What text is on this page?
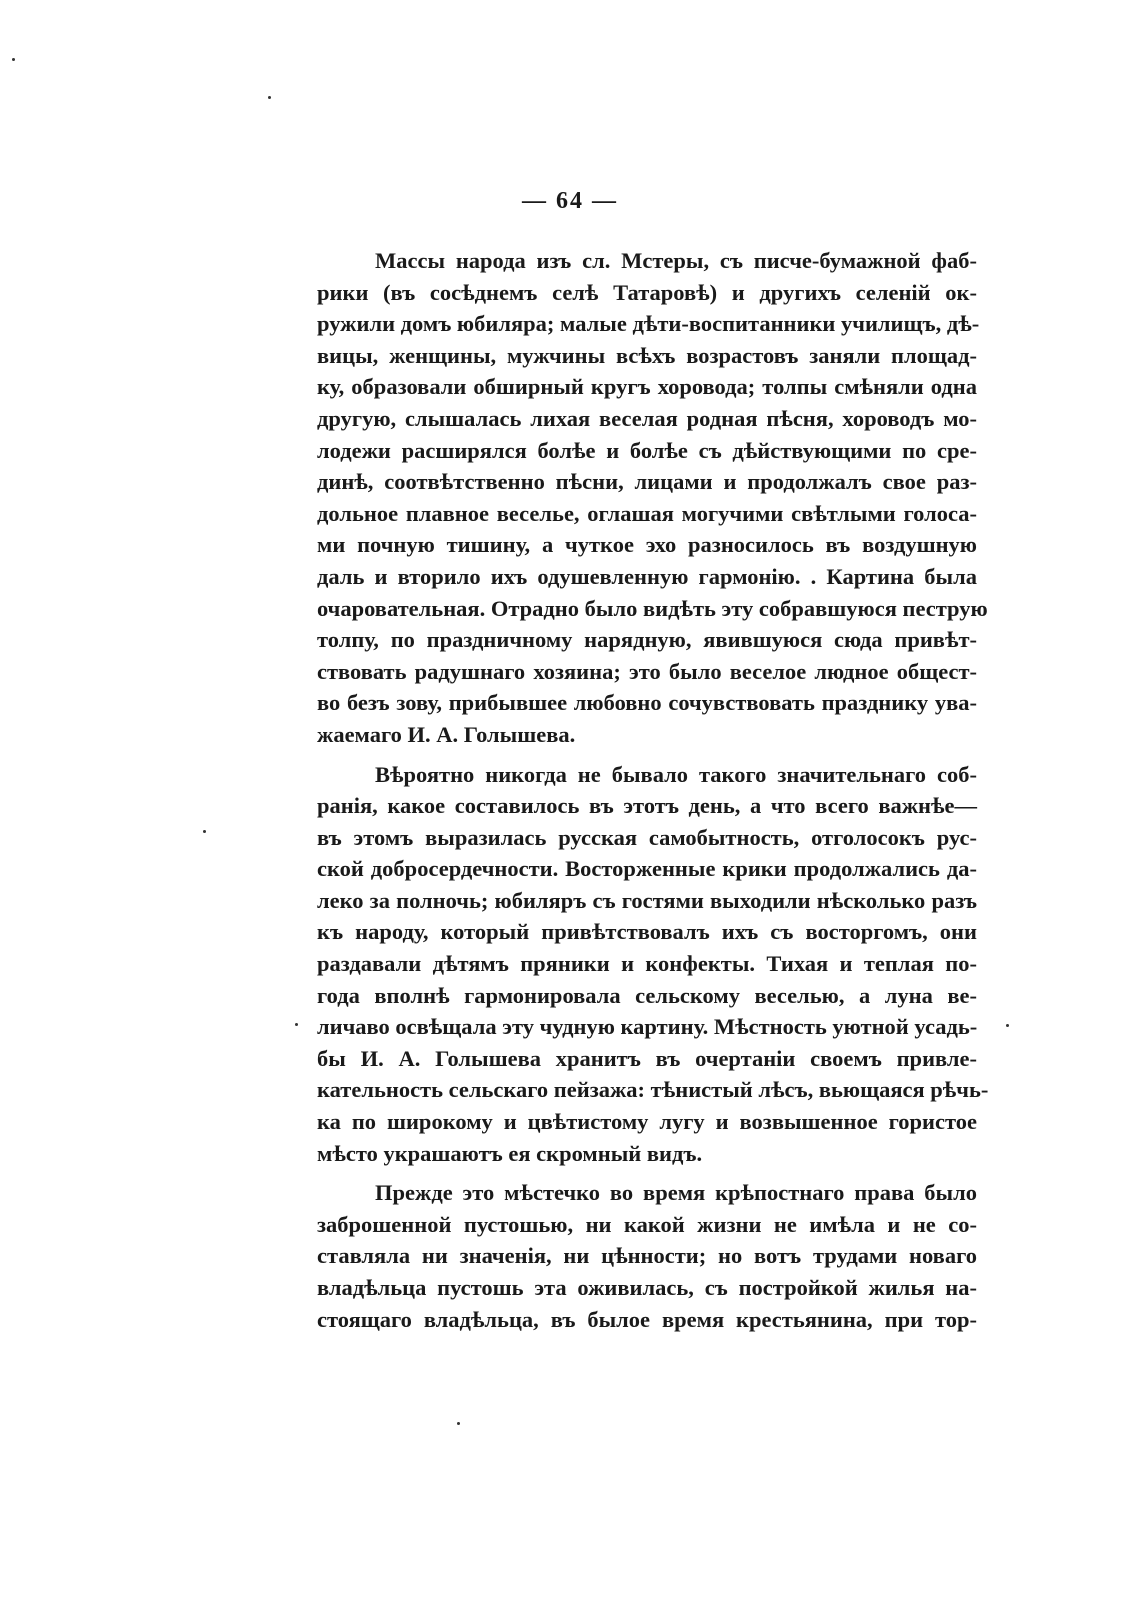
— 64 —
Массы народа изъ сл. Мстеры, съ писче-бумажной фаб-
рики (въ сосѣднемъ селѣ Татаровѣ) и другихъ селеній ок-
ружили домъ юбиляра; малые дѣти-воспитанники училищъ, дѣ-
вицы, женщины, мужчины всѣхъ возрастовъ заняли площад-
ку, образовали обширный кругъ хоровода; толпы смѣняли одна
другую, слышалась лихая веселая родная пѣсня, хороводъ мо-
лодежи расширялся болѣе и болѣе съ дѣйствующими по сре-
динѣ, соотвѣтственно пѣсни, лицами и продолжалъ свое раз-
дольное плавное веселье, оглашая могучими свѣтлыми голоса-
ми почную тишину, а чуткое эхо разносилось въ воздушную
даль и вторило ихъ одушевленную гармонію. . Картина была
очаровательная. Отрадно было видѣть эту собравшуюся пеструю
толпу, по праздничному нарядную, явившуюся сюда привѣт-
ствовать радушнаго хозяина; это было веселое людное общест-
во безъ зову, прибывшее любовно сочувствовать празднику ува-
жаемаго И. А. Голышева.
Вѣроятно никогда не бывало такого значительнаго соб-
ранія, какое составилось въ этотъ день, а что всего важнѣе—
въ этомъ выразилась русская самобытность, отголосокъ рус-
ской добросердечности. Восторженные крики продолжались да-
леко за полночь; юбиляръ съ гостями выходили нѣсколько разъ
къ народу, который привѣтствовалъ ихъ съ восторгомъ, они
раздавали дѣтямъ пряники и конфекты. Тихая и теплая по-
года вполнѣ гармонировала сельскому веселью, а луна ве-
личаво освѣщала эту чудную картину. Мѣстность уютной усадь-
бы И. А. Голышева хранитъ въ очертаніи своемъ привле-
кательность сельскаго пейзажа: тѣнистый лѣсъ, вьющаяся рѣчь-
ка по широкому и цвѣтистому лугу и возвышенное гористое
мѣсто украшаютъ ея скромный видъ.
Прежде это мѣстечко во время крѣпостнаго права было
заброшенной пустошью, ни какой жизни не имѣла и не со-
ставляла ни значенія, ни цѣнности; но вотъ трудами новаго
владѣльца пустошь эта оживилась, съ постройкой жилья на-
стоящаго владѣльца, въ былое время крестьянина, при тор-
